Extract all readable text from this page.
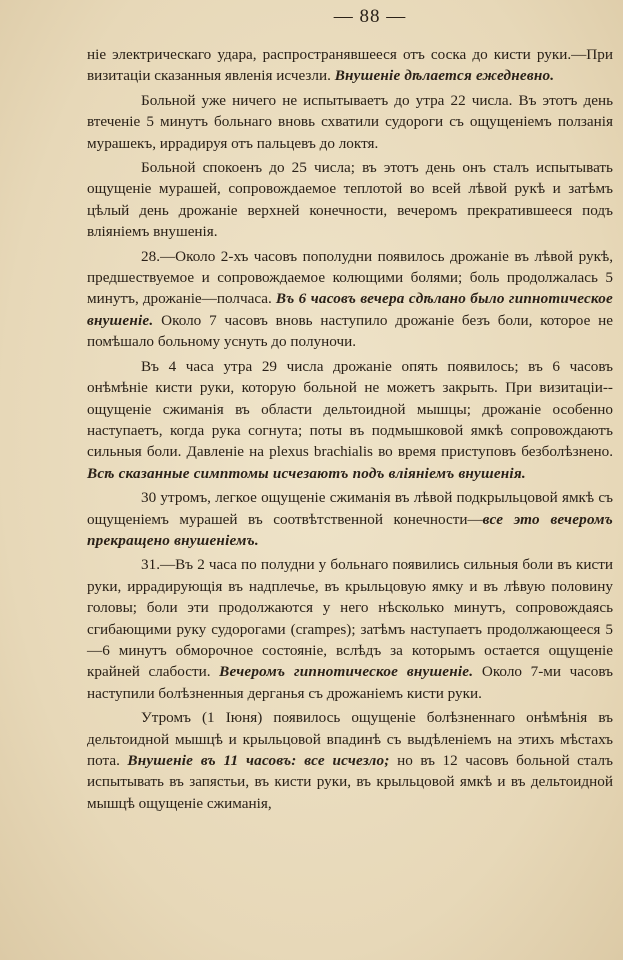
— 88 —

ніе электрическаго удара, распространявшееся отъ соска до кисти руки.—При визитаціи сказанныя явленія исчезли. Внушеніе дѣлается ежедневно.

Больной уже ничего не испытываетъ до утра 22 числа. Въ этотъ день втеченіе 5 минутъ больнаго вновь схватили судороги съ ощущеніемъ ползанія мурашекъ, иррадируя отъ пальцевъ до локтя.

Больной спокоенъ до 25 числа; въ этотъ день онъ сталъ испытывать ощущеніе мурашей, сопровождаемое теплотой во всей лѣвой рукѣ и затѣмъ цѣлый день дрожаніе верхней конечности, вечеромъ прекратившееся подъ вліяніемъ внушенія.

28.—Около 2-хъ часовъ пополудни появилось дрожаніе въ лѣвой рукѣ, предшествуемое и сопровождаемое колющими болями; боль продолжалась 5 минутъ, дрожаніе—полчаса. Въ 6 часовъ вечера сдѣлано было гипнотическое внушеніе. Около 7 часовъ вновь наступило дрожаніе безъ боли, которое не помѣшало больному уснуть до полуночи.

Въ 4 часа утра 29 числа дрожаніе опять появилось; въ 6 часовъ онѣмѣніе кисти руки, которую больной не можетъ закрыть. При визитаціи--ощущеніе сжиманія въ области дельтоидной мышцы; дрожаніе особенно наступаетъ, когда рука согнута; поты въ подмышковой ямкѣ сопровождаютъ сильныя боли. Давленіе на plexus brachialis во время приступовъ безболѣзнено. Всѣ сказанные симптомы исчезаютъ подъ вліяніемъ внушенія.

30 утромъ, легкое ощущеніе сжиманія въ лѣвой подкрыльцовой ямкѣ съ ощущеніемъ мурашей въ соотвѣтственной конечности—все это вечеромъ прекращено внушеніемъ.

31.—Въ 2 часа по полудни у больнаго появились сильныя боли въ кисти руки, иррадирующія въ надплечье, въ крыльцовую ямку и въ лѣвую половину головы; боли эти продолжаются у него нѣсколько минутъ, сопровождаясь сгибающими руку судорогами (crampes); затѣмъ наступаетъ продолжающееся 5—6 минутъ обморочное состояніе, вслѣдъ за которымъ остается ощущеніе крайней слабости. Вечеромъ гипнотическое внушеніе. Около 7-ми часовъ наступили болѣзненныя дерганья съ дрожаніемъ кисти руки.

Утромъ (1 Іюня) появилось ощущеніе болѣзненнаго онѣмѣнія въ дельтоидной мышцѣ и крыльцовой впадинѣ съ выдѣленіемъ на этихъ мѣстахъ пота. Внушеніе въ 11 часовъ: все исчезло; но въ 12 часовъ больной сталъ испытывать въ запястьи, въ кисти руки, въ крыльцовой ямкѣ и въ дельтоидной мышцѣ ощущеніе сжиманія,
